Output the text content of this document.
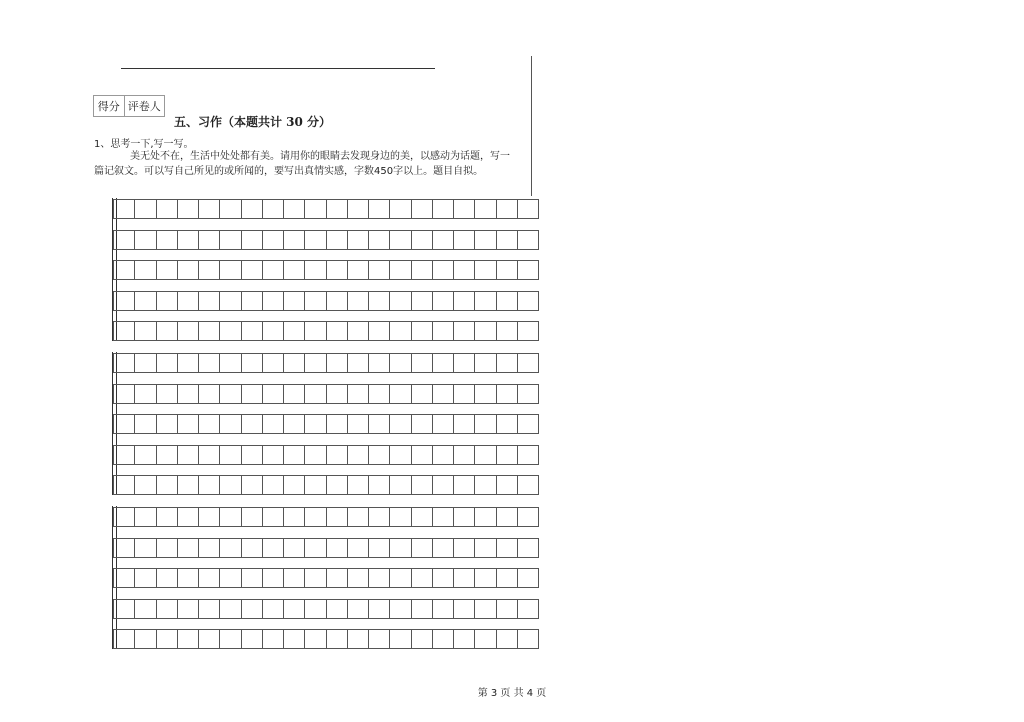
得分 评卷人
五、习作（本题共计 30 分）
1、思考一下,写一写。
美无处不在，生活中处处都有美。请用你的眼睛去发现身边的美，以感动为话题，写一
篇记叙文。可以写自己所见的或所闻的，要写出真情实感，字数450字以上。题目自拟。
第 3 页 共 4 页
